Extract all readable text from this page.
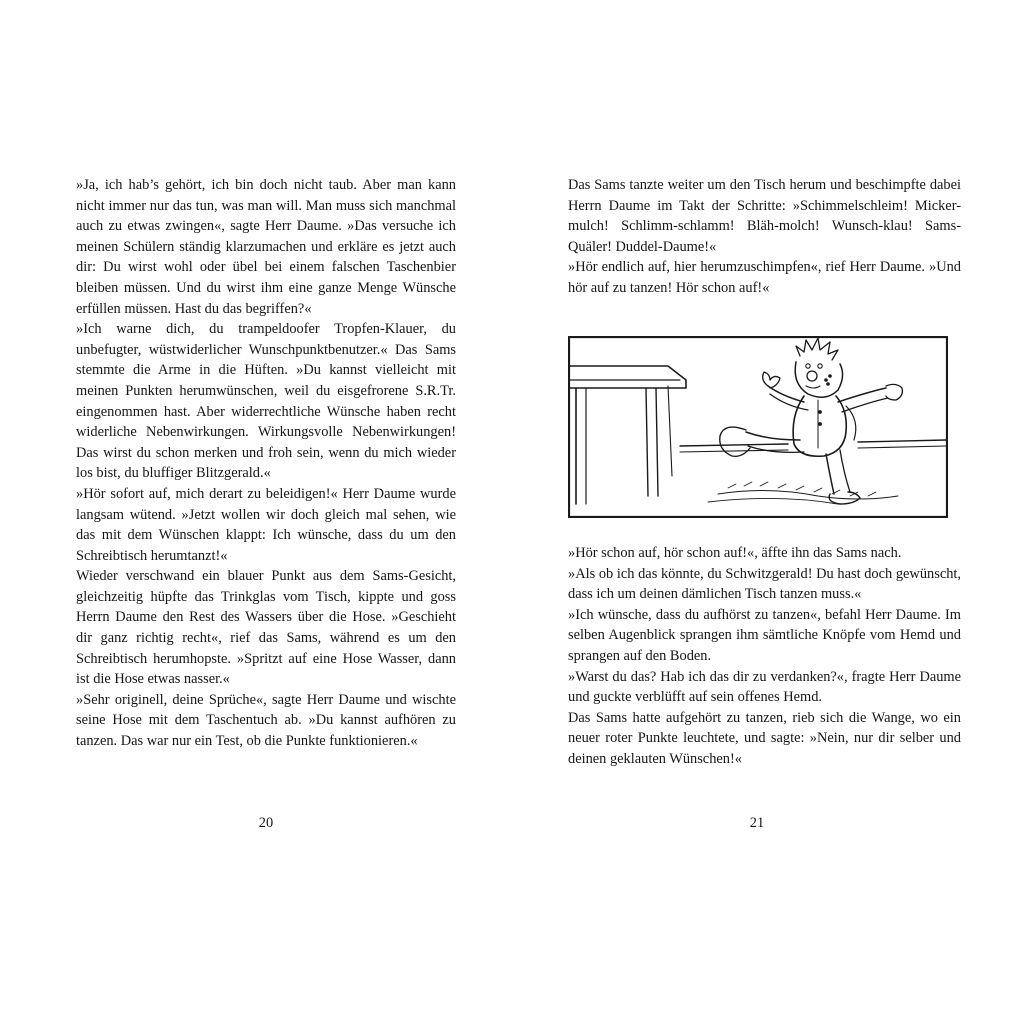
»Ja, ich hab’s gehört, ich bin doch nicht taub. Aber man kann nicht immer nur das tun, was man will. Man muss sich manchmal auch zu etwas zwingen«, sagte Herr Daume. »Das versuche ich meinen Schülern ständig klarzumachen und erkläre es jetzt auch dir: Du wirst wohl oder übel bei einem falschen Taschenbier bleiben müssen. Und du wirst ihm eine ganze Menge Wünsche erfüllen müssen. Hast du das begriffen?«

»Ich warne dich, du trampeldoofer Tropfen-Klauer, du unbefugter, wüstwiderlicher Wunschpunktbenutzer.« Das Sams stemmte die Arme in die Hüften. »Du kannst vielleicht mit meinen Punkten herumwünschen, weil du eisgefrorene S.R.Tr. eingenommen hast. Aber widerrechtliche Wünsche haben recht widerliche Nebenwirkungen. Wirkungsvolle Nebenwirkungen! Das wirst du schon merken und froh sein, wenn du mich wieder los bist, du bluffiger Blitzgerald.«

»Hör sofort auf, mich derart zu beleidigen!« Herr Daume wurde langsam wütend. »Jetzt wollen wir doch gleich mal sehen, wie das mit dem Wünschen klappt: Ich wünsche, dass du um den Schreibtisch herumtanzt!«

Wieder verschwand ein blauer Punkt aus dem Sams-Gesicht, gleichzeitig hüpfte das Trinkglas vom Tisch, kippte und goss Herrn Daume den Rest des Wassers über die Hose. »Geschieht dir ganz richtig recht«, rief das Sams, während es um den Schreibtisch herumhopste. »Spritzt auf eine Hose Wasser, dann ist die Hose etwas nasser.«

»Sehr originell, deine Sprüche«, sagte Herr Daume und wischte seine Hose mit dem Taschentuch ab. »Du kannst aufhören zu tanzen. Das war nur ein Test, ob die Punkte funktionieren.«

20

Das Sams tanzte weiter um den Tisch herum und beschimpfte dabei Herrn Daume im Takt der Schritte: »Schimmelschleim! Micker-mulch! Schlimm-schlamm! Bläh-molch! Wunsch-klau! Sams-Quäler! Duddel-Daume!«

»Hör endlich auf, hier herumzuschimpfen«, rief Herr Daume. »Und hör auf zu tanzen! Hör schon auf!«

»Hör schon auf, hör schon auf!«, äffte ihn das Sams nach.

»Als ob ich das könnte, du Schwitzgerald! Du hast doch gewünscht, dass ich um deinen dämlichen Tisch tanzen muss.«

»Ich wünsche, dass du aufhörst zu tanzen«, befahl Herr Daume. Im selben Augenblick sprangen ihm sämtliche Knöpfe vom Hemd und sprangen auf den Boden.

»Warst du das? Hab ich das dir zu verdanken?«, fragte Herr Daume und guckte verblüfft auf sein offenes Hemd.

Das Sams hatte aufgehört zu tanzen, rieb sich die Wange, wo ein neuer roter Punkte leuchtete, und sagte: »Nein, nur dir selber und deinen geklauten Wünschen!«

21
